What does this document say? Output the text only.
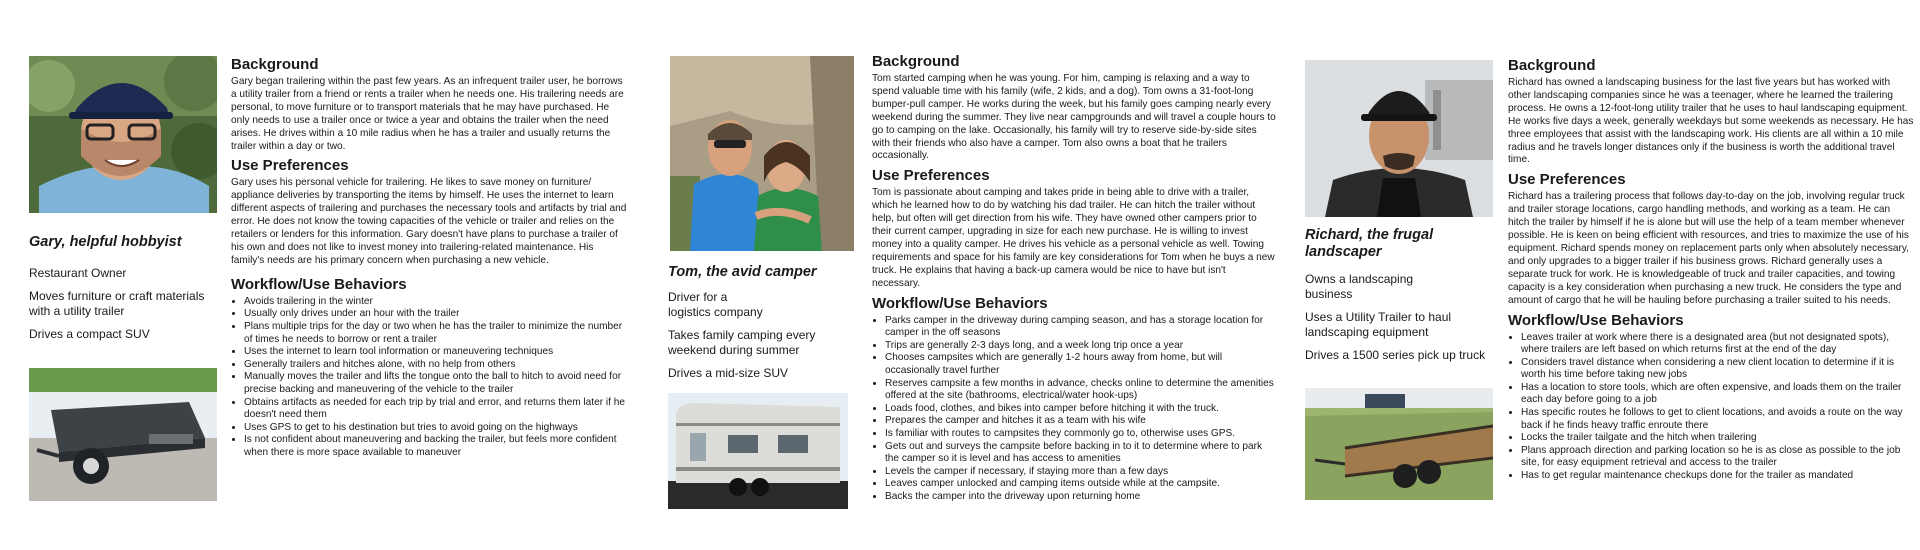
Gary, helpful hobbyist

Restaurant Owner

Moves furniture or craft materials with a utility trailer

Drives a compact SUV

Background

Gary began trailering within the past few years. As an infrequent trailer user, he borrows a utility trailer from a friend or rents a trailer when he needs one. His trailering needs are personal, to move furniture or to transport materials that he may have purchased. He only needs to use a trailer once or twice a year and obtains the trailer when the need arises. He drives within a 10 mile radius when he has a trailer and usually returns the trailer within a day or two.

Use Preferences

Gary uses his personal vehicle for trailering. He likes to save money on furniture/ appliance deliveries by transporting the items by himself. He uses the internet to learn different aspects of trailering and purchases the necessary tools and artifacts by trial and error. He does not know the towing capacities of the vehicle or trailer and relies on the retailers or lenders for this information. Gary doesn't have plans to purchase a trailer of his own and does not like to invest money into trailering-related maintenance. His family's needs are his primary concern when purchasing a new vehicle.

Workflow/Use Behaviors
• Avoids trailering in the winter
• Usually only drives under an hour with the trailer
• Plans multiple trips for the day or two when he has the trailer to minimize the number of times he needs to borrow or rent a trailer
• Uses the internet to learn tool information or maneuvering techniques
• Generally trailers and hitches alone, with no help from others
• Manually moves the trailer and lifts the tongue onto the ball to hitch to avoid need for precise backing and maneuvering of the vehicle to the trailer
• Obtains artifacts as needed for each trip by trial and error, and returns them later if he doesn't need them
• Uses GPS to get to his destination but tries to avoid going on the highways
• Is not confident about maneuvering and backing the trailer, but feels more confident when there is more space available to maneuver
Tom, the avid camper

Driver for a logistics company

Takes family camping every weekend during summer

Drives a mid-size SUV

Background

Tom started camping when he was young. For him, camping is relaxing and a way to spend valuable time with his family (wife, 2 kids, and a dog). Tom owns a 31-foot-long bumper-pull camper. He works during the week, but his family goes camping nearly every weekend during the summer. They live near campgrounds and will travel a couple hours to go to camping on the lake. Occasionally, his family will try to reserve side-by-side sites with their friends who also have a camper. Tom also owns a boat that he trailers occasionally.

Use Preferences

Tom is passionate about camping and takes pride in being able to drive with a trailer, which he learned how to do by watching his dad trailer. He can hitch the trailer without help, but often will get direction from his wife. They have owned other campers prior to their current camper, upgrading in size for each new purchase. He is willing to invest money into a quality camper. He drives his vehicle as a personal vehicle as well. Towing requirements and space for his family are key considerations for Tom when he buys a new truck. He explains that having a back-up camera would be nice to have but isn't necessary.

Workflow/Use Behaviors
• Parks camper in the driveway during camping season, and has a storage location for camper in the off seasons
• Trips are generally 2-3 days long, and a week long trip once a year
• Chooses campsites which are generally 1-2 hours away from home, but will occasionally travel further
• Reserves campsite a few months in advance, checks online to determine the amenities offered at the site (bathrooms, electrical/water hook-ups)
• Loads food, clothes, and bikes into camper before hitching it with the truck.
• Prepares the camper and hitches it as a team with his wife
• Is familiar with routes to campsites they commonly go to, otherwise uses GPS.
• Gets out and surveys the campsite before backing in to it to determine where to park the camper so it is level and has access to amenities
• Levels the camper if necessary, if staying more than a few days
• Leaves camper unlocked and camping items outside while at the campsite.
• Backs the camper into the driveway upon returning home
Richard, the frugal landscaper

Owns a landscaping business

Uses a Utility Trailer to haul landscaping equipment

Drives a 1500 series pick up truck

Background

Richard has owned a landscaping business for the last five years but has worked with other landscaping companies since he was a teenager, where he learned the trailering process. He owns a 12-foot-long utility trailer that he uses to haul landscaping equipment. He works five days a week, generally weekdays but some weekends as necessary. He has three employees that assist with the landscaping work. His clients are all within a 10 mile radius and he travels longer distances only if the business is worth the additional travel time.

Use Preferences

Richard has a trailering process that follows day-to-day on the job, involving regular truck and trailer storage locations, cargo handling methods, and working as a team. He can hitch the trailer by himself if he is alone but will use the help of a team member whenever possible. He is keen on being efficient with resources, and tries to maximize the use of his equipment. Richard spends money on replacement parts only when absolutely necessary, and only upgrades to a bigger trailer if his business grows. Richard generally uses a separate truck for work. He is knowledgeable of truck and trailer capacities, and towing capacity is a key consideration when purchasing a new truck. He considers the type and amount of cargo that he will be hauling before purchasing a trailer suited to his needs.

Workflow/Use Behaviors
• Leaves trailer at work where there is a designated area (but not designated spots), where trailers are left based on which returns first at the end of the day
• Considers travel distance when considering a new client location to determine if it is worth his time before taking new jobs
• Has a location to store tools, which are often expensive, and loads them on the trailer each day before going to a job
• Has specific routes he follows to get to client locations, and avoids a route on the way back if he finds heavy traffic enroute there
• Locks the trailer tailgate and the hitch when trailering
• Plans approach direction and parking location so he is as close as possible to the job site, for easy equipment retrieval and access to the trailer
• Has to get regular maintenance checkups done for the trailer as mandated
